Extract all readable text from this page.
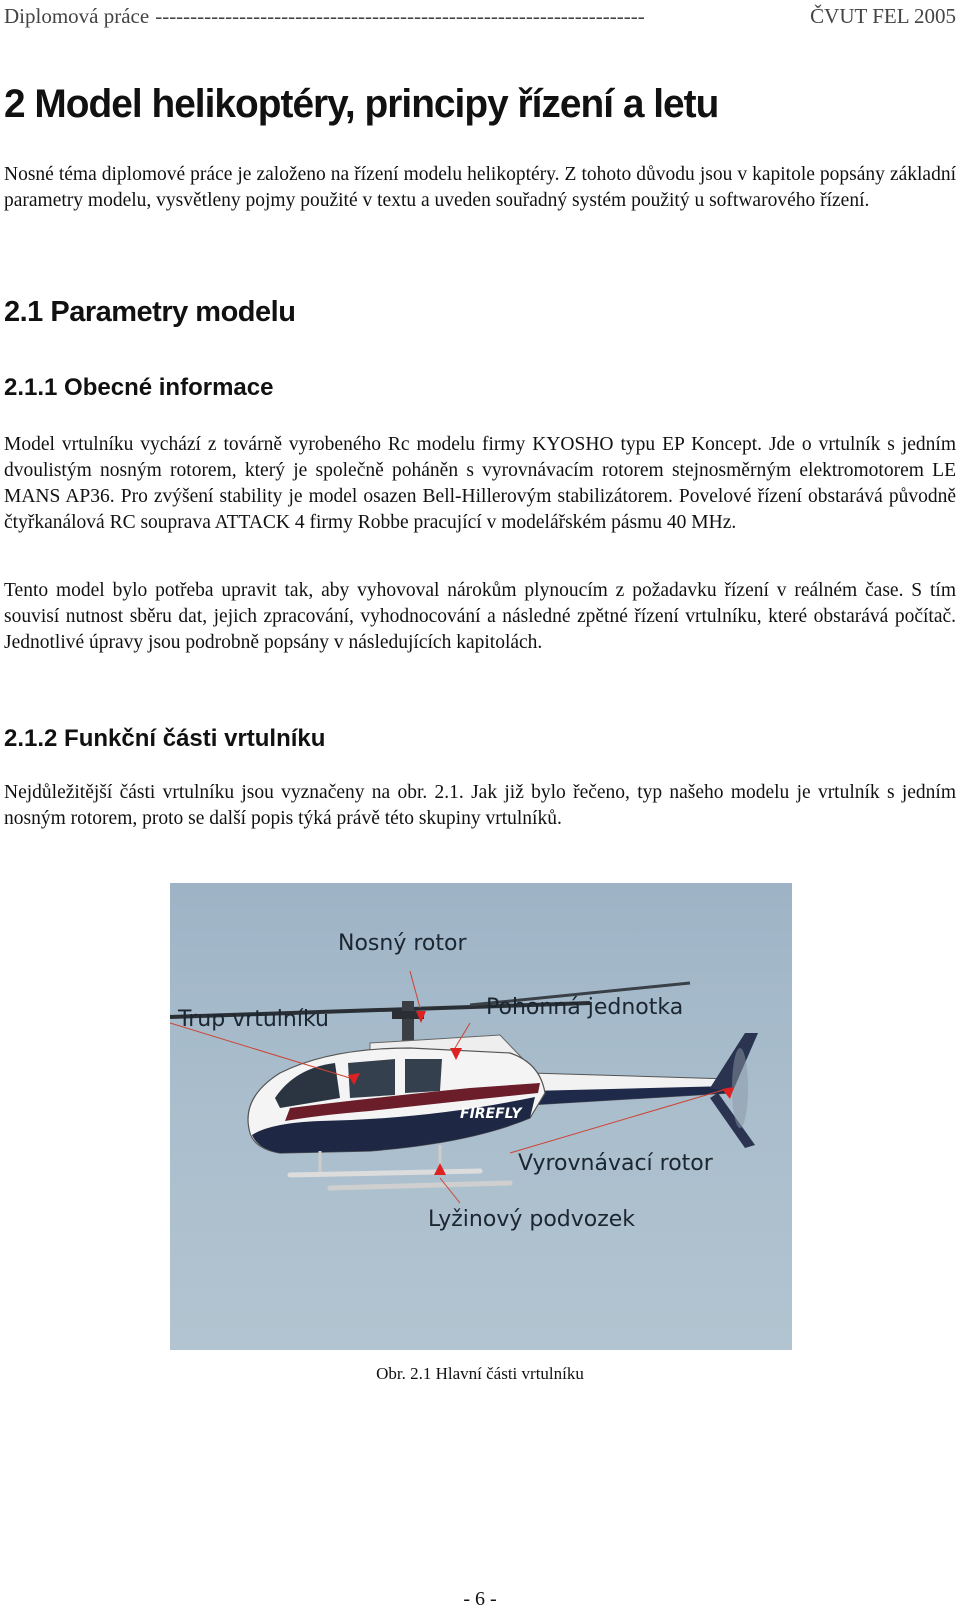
Diplomová práce ----------------------------------------------------------------------	ČVUT FEL 2005
2 Model helikoptéry, principy řízení a letu

Nosné téma diplomové práce je založeno na řízení modelu helikoptéry. Z tohoto důvodu jsou v kapitole popsány základní parametry modelu, vysvětleny pojmy použité v textu a uveden souřadný systém použitý u softwarového řízení.

2.1 Parametry modelu
2.1.1 Obecné informace

Model vrtulníku vychází z továrně vyrobeného Rc modelu firmy KYOSHO typu EP Koncept. Jde o vrtulník s jedním dvoulistým nosným rotorem, který je společně poháněn s vyrovnávacím rotorem stejnosměrným elektromotorem LE MANS AP36. Pro zvýšení stability je model osazen Bell-Hillerovým stabilizátorem. Povelové řízení obstarává původně čtyřkanálová RC souprava ATTACK 4 firmy Robbe pracující v modelářském pásmu 40 MHz.

Tento model bylo potřeba upravit tak, aby vyhovoval nárokům plynoucím z požadavku řízení v reálném čase. S tím souvisí nutnost sběru dat, jejich zpracování, vyhodnocování a následné zpětné řízení vrtulníku, které obstarává počítač. Jednotlivé úpravy jsou podrobně popsány v následujících kapitolách.

2.1.2 Funkční části vrtulníku

Nejdůležitější části vrtulníku jsou vyznačeny na obr. 2.1. Jak již bylo řečeno, typ našeho modelu je vrtulník s jedním nosným rotorem, proto se další popis týká právě této skupiny vrtulníků.

FIREFLY
Nosný rotor
Trup vrtulníku	Pohonná jednotka
Vyrovnávací rotor
Lyžinový podvozek
Obr. 2.1 Hlavní části vrtulníku
- 6 -
